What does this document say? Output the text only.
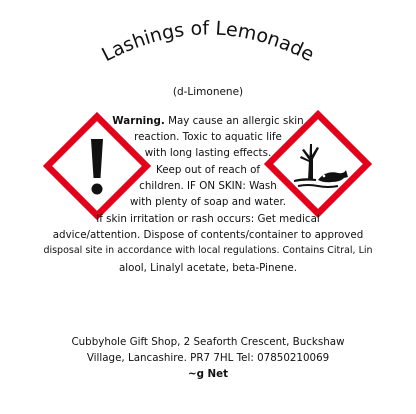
Lashings of Lemonade
(d-Limonene)
Warning. May cause an allergic skin
reaction. Toxic to aquatic life
with long lasting effects.
Keep out of reach of
children. IF ON SKIN: Wash
with plenty of soap and water.
If skin irritation or rash occurs: Get medical
advice/attention. Dispose of contents/container to approved
disposal site in accordance with local regulations. Contains Citral, Lin
alool, Linalyl acetate, beta-Pinene.
Cubbyhole Gift Shop, 2 Seaforth Crescent, Buckshaw
Village, Lancashire. PR7 7HL Tel: 07850210069
~g Net
